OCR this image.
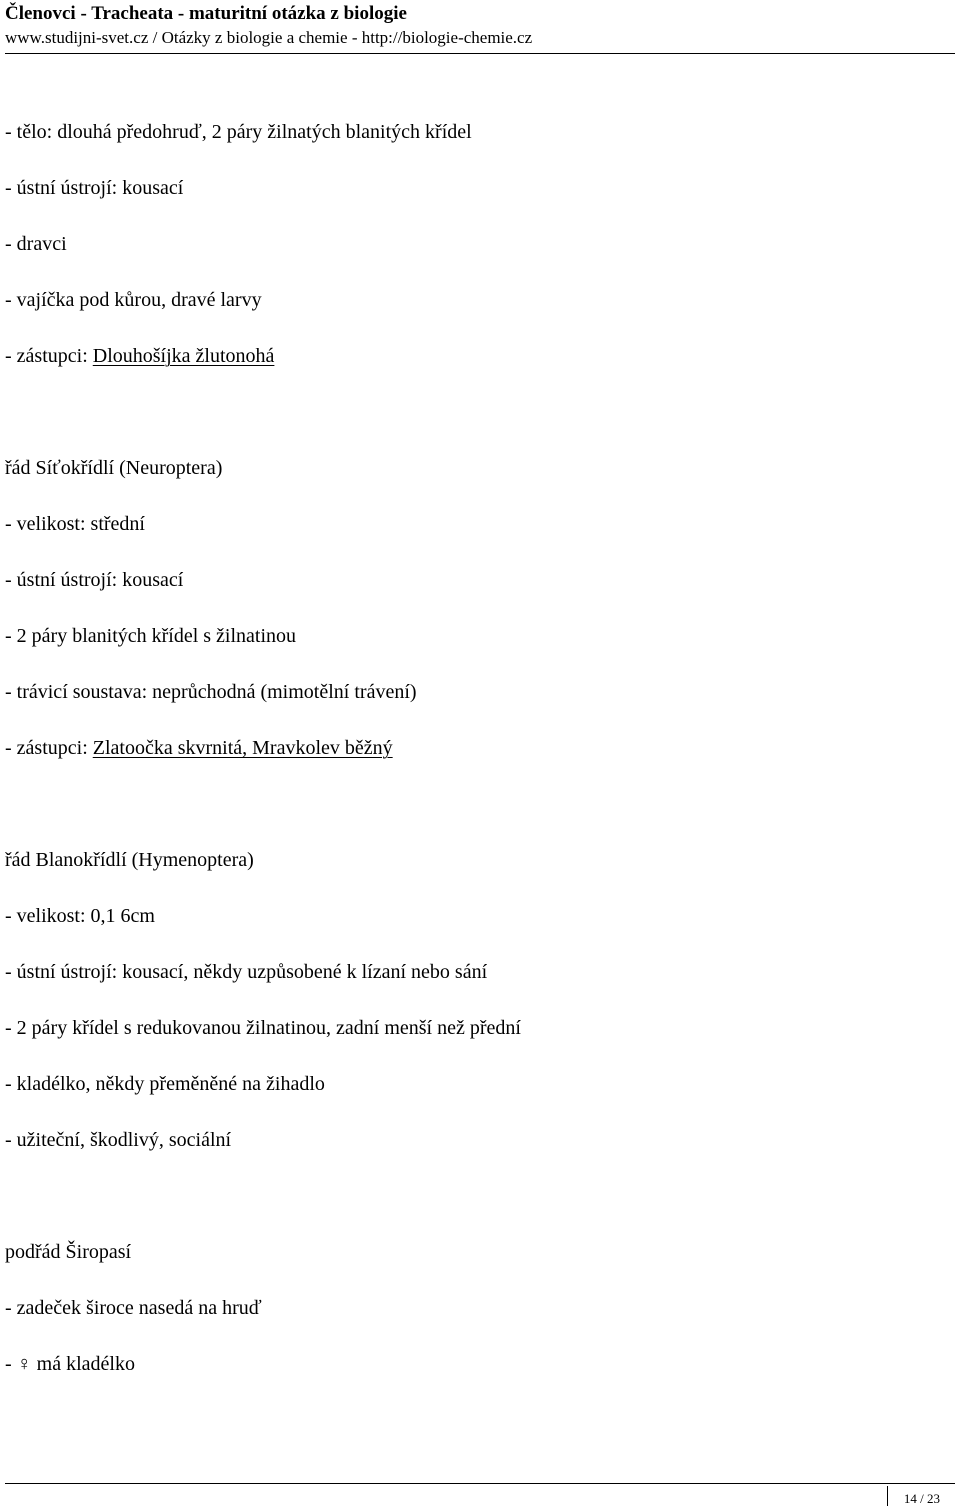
Členovci - Tracheata - maturitní otázka z biologie
www.studijni-svet.cz / Otázky z biologie a chemie - http://biologie-chemie.cz
- tělo: dlouhá předohruď, 2 páry žilnatých blanitých křídel
- ústní ústrojí: kousací
- dravci
- vajíčka pod kůrou, dravé larvy
- zástupci: Dlouhošíjka žlutonohá
řád Síťokřídlí (Neuroptera)
- velikost: střední
- ústní ústrojí: kousací
- 2 páry blanitých křídel s žilnatinou
- trávicí soustava: neprůchodná (mimotělní trávení)
- zástupci: Zlatoočka skvrnitá, Mravkolev běžný
řád Blanokřídlí (Hymenoptera)
- velikost: 0,1 6cm
- ústní ústrojí: kousací, někdy uzpůsobené k lízaní nebo sání
- 2 páry křídel s redukovanou žilnatinou, zadní menší než přední
- kladélko, někdy přeměněné na žihadlo
- užiteční, škodlivý, sociální
podřád Širopasí
- zadeček široce nasedá na hruď
- ♀ má kladélko
14 / 23
